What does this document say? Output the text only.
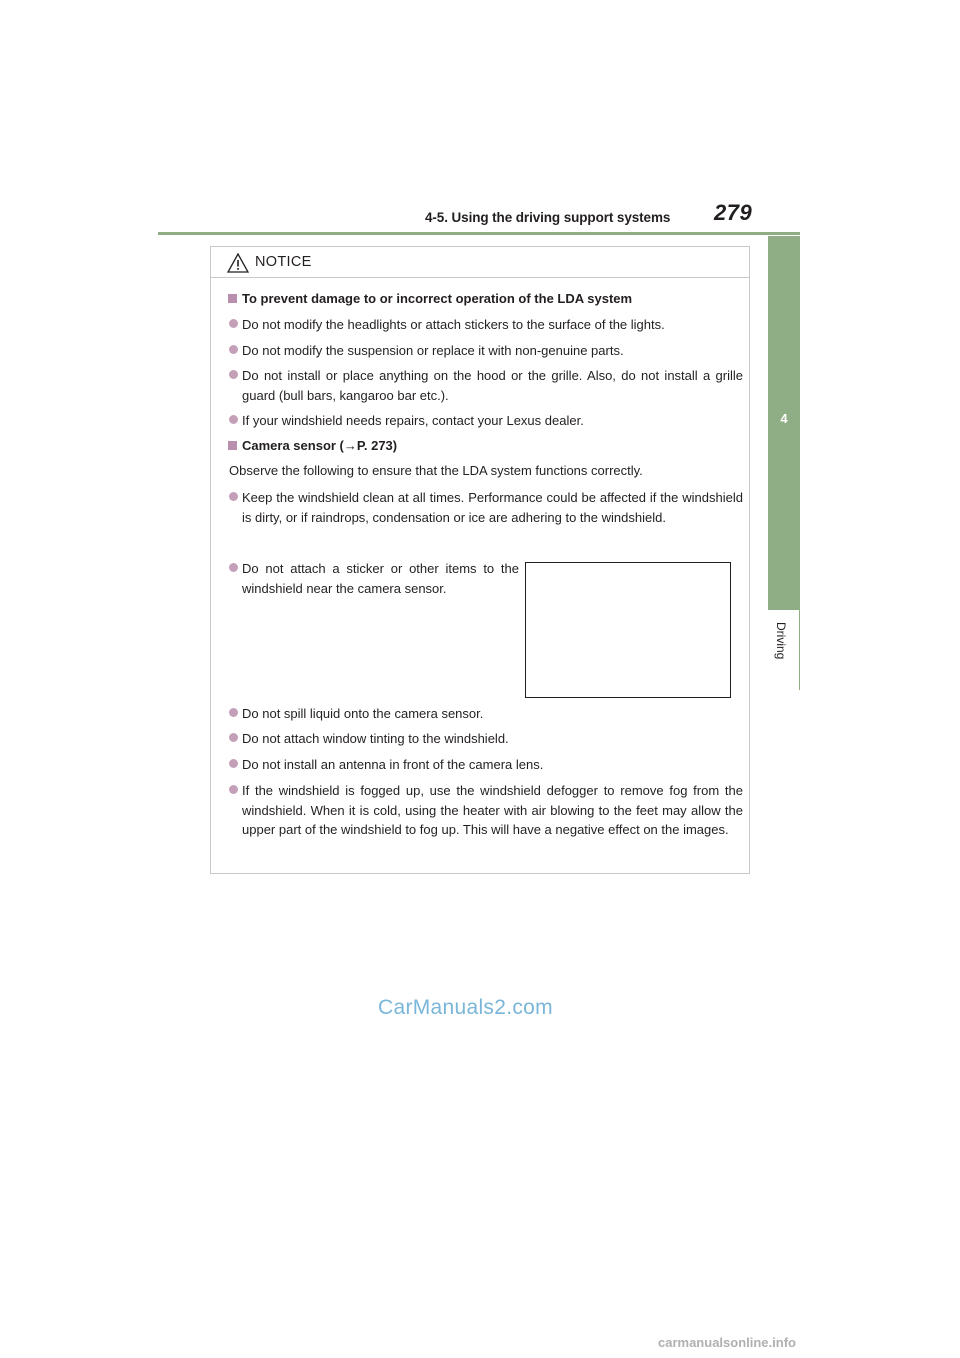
4-5. Using the driving support systems 279
4
Driving
NOTICE
To prevent damage to or incorrect operation of the LDA system
Do not modify the headlights or attach stickers to the surface of the lights.
Do not modify the suspension or replace it with non-genuine parts.
Do not install or place anything on the hood or the grille. Also, do not install a grille guard (bull bars, kangaroo bar etc.).
If your windshield needs repairs, contact your Lexus dealer.
Camera sensor (→P. 273)
Observe the following to ensure that the LDA system functions correctly.
Keep the windshield clean at all times. Performance could be affected if the windshield is dirty, or if raindrops, condensation or ice are adhering to the windshield.
Do not attach a sticker or other items to the windshield near the camera sensor.
Do not spill liquid onto the camera sensor.
Do not attach window tinting to the windshield.
Do not install an antenna in front of the camera lens.
If the windshield is fogged up, use the windshield defogger to remove fog from the windshield. When it is cold, using the heater with air blowing to the feet may allow the upper part of the windshield to fog up. This will have a negative effect on the images.
CarManuals2.com
carmanualsonline.info
